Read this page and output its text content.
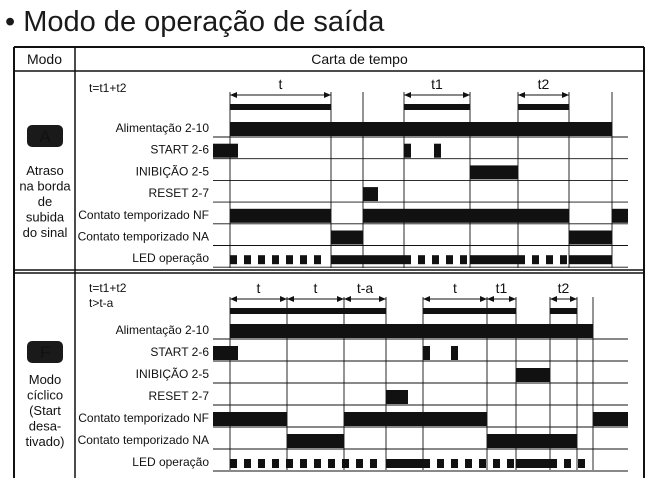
• Modo de operação de saída
Modo	Carta de tempo
A
Atraso
na borda
de
subida
do sinal
t=t1+t2	t	t1	t2
Alimentação 2-10
START 2-6
INIBIÇÃO 2-5
RESET 2-7
Contato temporizado NF
Contato temporizado NA
LED operação
F
Modo
cíclico
(Start
desa-
tivado)
t=t1+t2
t>t-a
t	t	t-a	t	t1	t2
Alimentação 2-10
START 2-6
INIBIÇÃO 2-5
RESET 2-7
Contato temporizado NF
Contato temporizado NA
LED operação
